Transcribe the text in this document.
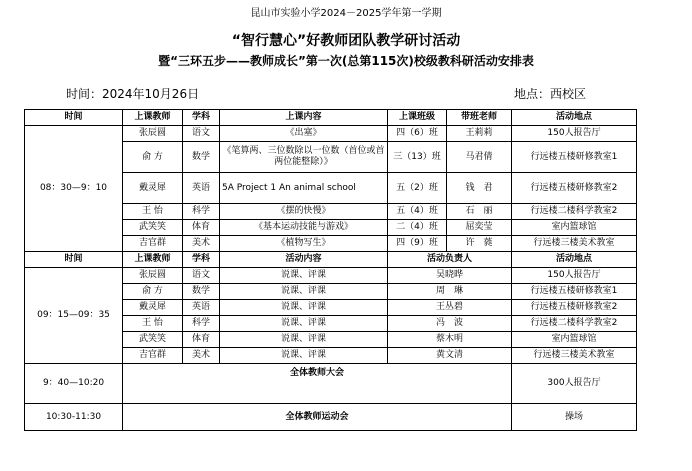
昆山市实验小学2024－2025学年第一学期
“智行慧心”好教师团队教学研讨活动
暨“三环五步——教师成长”第一次(总第115次)校级教科研活动安排表
时间：2024年10月26日	地点：西校区
时间	上课教师	学科	上课内容	上课班级	带班老师	活动地点
08：30—9：10	张辰圆	语文	《出塞》	四（6）班	王莉莉	150人报告厅
	俞 方	数学	《笔算两、三位数除以一位数（首位或首两位能整除）》	三（13）班	马君倩	行远楼五楼研修教室1
	戴灵犀	英语	5A Project 1 An animal school	五（2）班	钱　君	行远楼五楼研修教室2
	王 怡	科学	《摆的快慢》	五（4）班	石　丽	行远楼二楼科学教室2
	武笑笑	体育	《基本运动技能与游戏》	二（4）班	屈奕莹	室内篮球馆
	吉官群	美术	《植物写生》	四（9）班	许　蕤	行远楼三楼美术教室
时间	上课教师	学科	活动内容	活动负责人		活动地点
09：15—09：35	张辰圆	语文	说课、评课	吴晓晔		150人报告厅
	俞 方	数学	说课、评课	周　琳		行远楼五楼研修教室1
	戴灵犀	英语	说课、评课	王丛碧		行远楼五楼研修教室2
	王 怡	科学	说课、评课	冯　波		行远楼二楼科学教室2
	武笑笑	体育	说课、评课	蔡木明		室内篮球馆
	吉官群	美术	说课、评课	黄文清		行远楼三楼美术教室
9：40—10:20	全体教师大会					300人报告厅
10:30-11:30	全体教师运动会					操场
